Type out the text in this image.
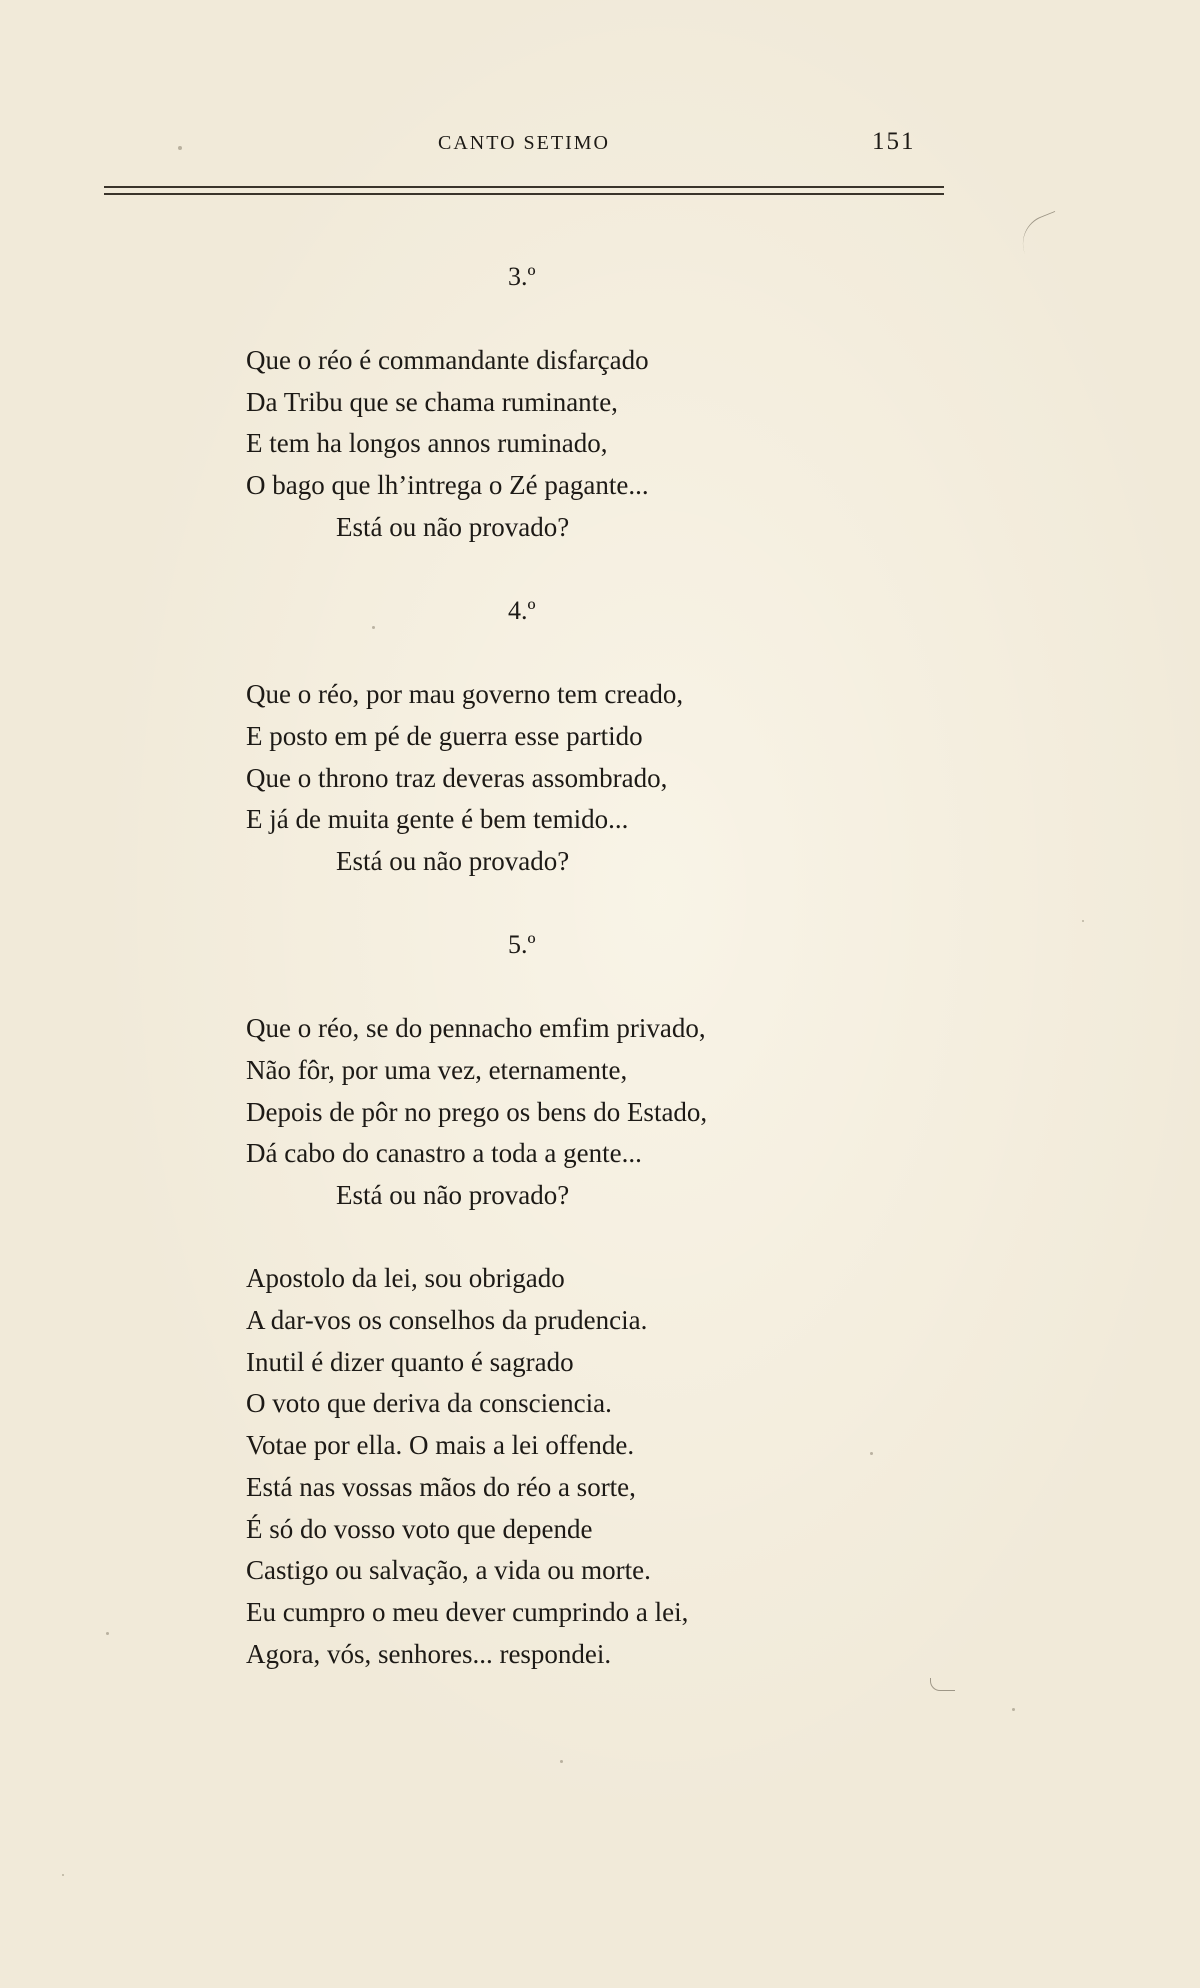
CANTO SETIMO	151
3.º
Que o réo é commandante disfarçado
Da Tribu que se chama ruminante,
E tem ha longos annos ruminado,
O bago que lh’intrega o Zé pagante...
Está ou não provado?
4.º
Que o réo, por mau governo tem creado,
E posto em pé de guerra esse partido
Que o throno traz deveras assombrado,
E já de muita gente é bem temido...
Está ou não provado?
5.º
Que o réo, se do pennacho emfim privado,
Não fôr, por uma vez, eternamente,
Depois de pôr no prego os bens do Estado,
Dá cabo do canastro a toda a gente...
Está ou não provado?
Apostolo da lei, sou obrigado
A dar-vos os conselhos da prudencia.
Inutil é dizer quanto é sagrado
O voto que deriva da consciencia.
Votae por ella. O mais a lei offende.
Está nas vossas mãos do réo a sorte,
É só do vosso voto que depende
Castigo ou salvação, a vida ou morte.
Eu cumpro o meu dever cumprindo a lei,
Agora, vós, senhores... respondei.
